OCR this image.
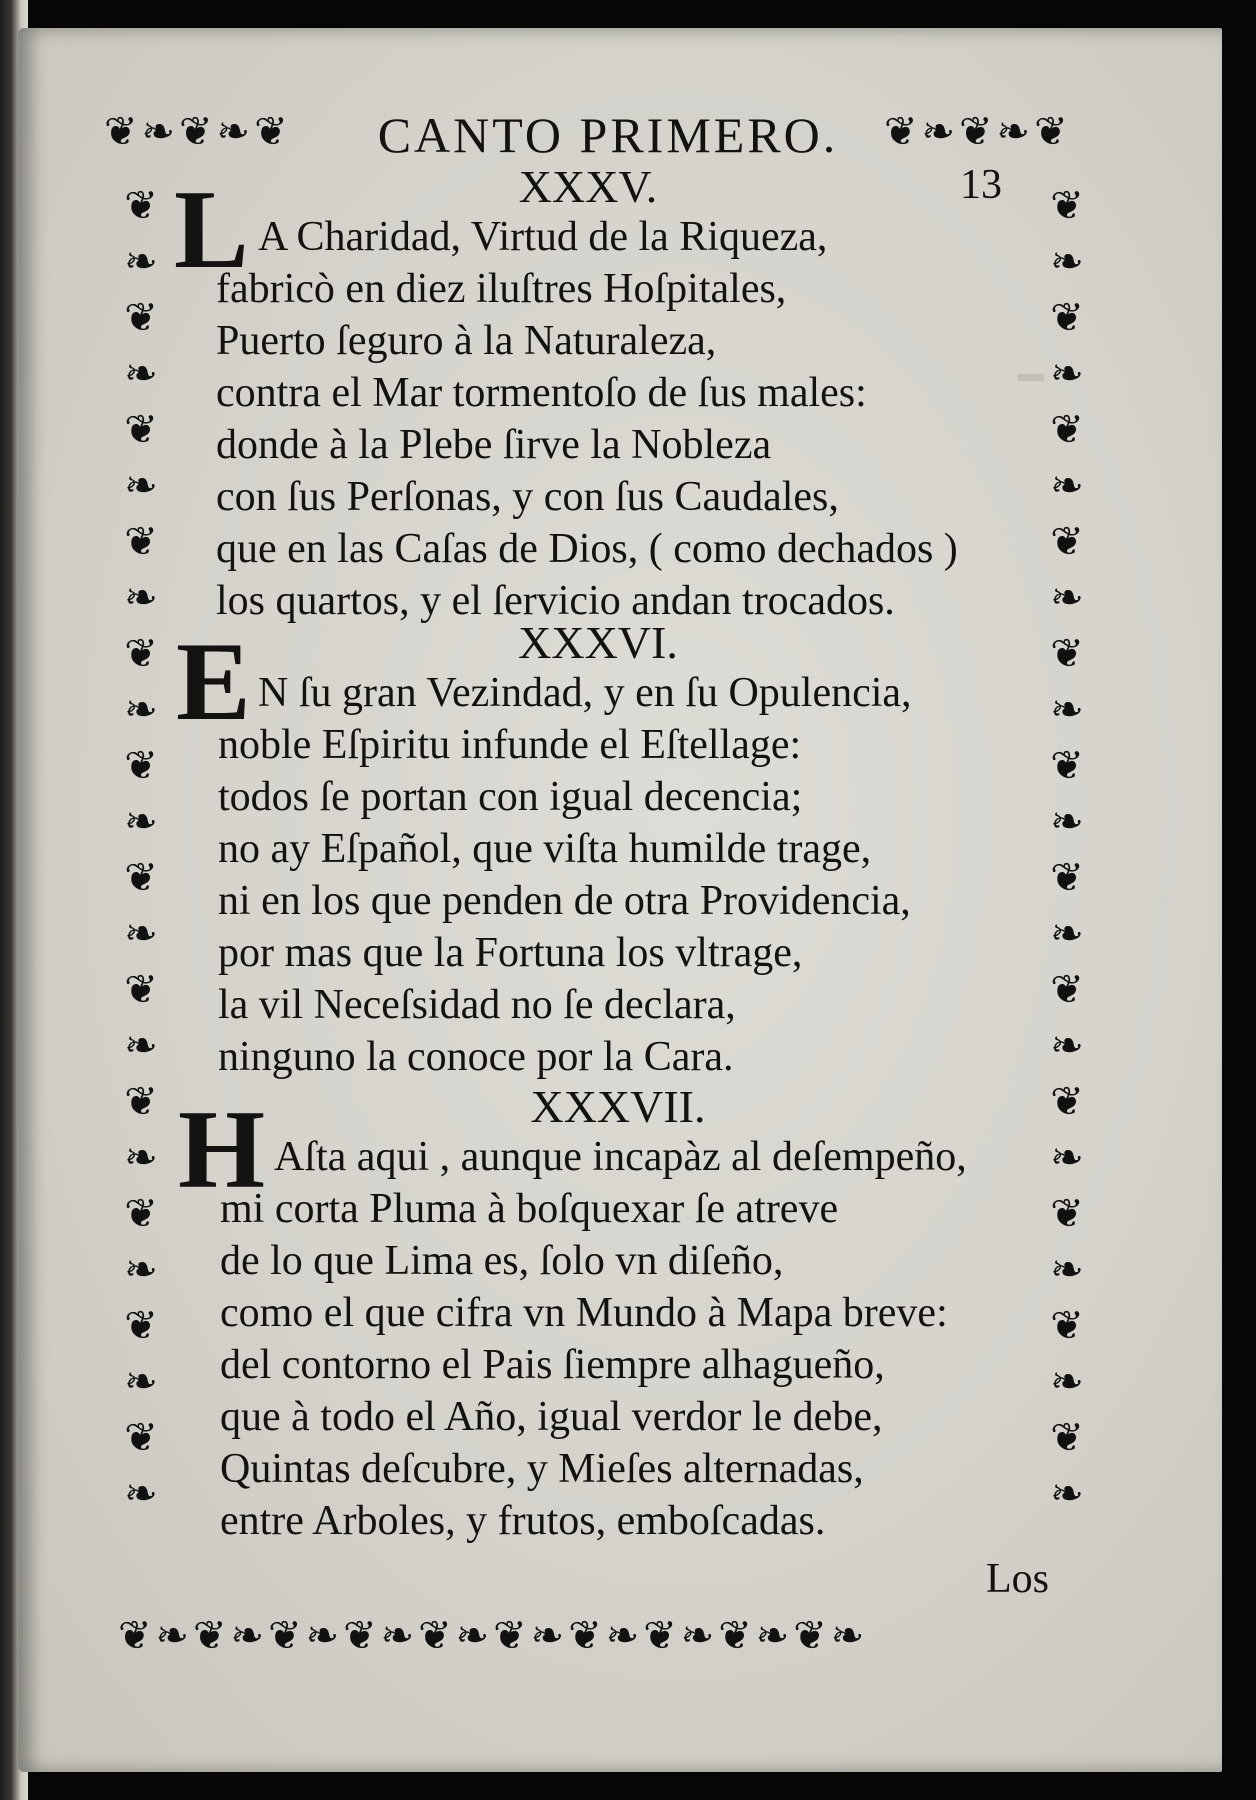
━
❦❧❦❧❦	❦❧❦❧❦
❦
❧
❦
❧
❦
❧
❦
❧
❦
❧
❦
❧
❦
❧
❦
❧
❦
❧
❦
❧
❦
❧
❦
❧
❦
❧
❦
❧
❦
❧
❦
❧
❦
❧
❦
❧
❦
❧
❦
❧
❦
❧
❦
❧
❦
❧
❦
❧
❦❧❦❧❦❧❦❧❦❧❦❧❦❧❦❧❦❧❦❧
CANTO PRIMERO.
13
XXXV.
L A Charidad, Virtud de la Riqueza,
fabricò en diez iluſtres Hoſpitales,
Puerto ſeguro à la Naturaleza,
contra el Mar tormentoſo de ſus males:
donde à la Plebe ſirve la Nobleza
con ſus Perſonas, y con ſus Caudales,
que en las Caſas de Dios, ( como dechados )
los quartos, y el ſervicio andan trocados.
XXXVI.
E N ſu gran Vezindad, y en ſu Opulencia,
noble Eſpiritu infunde el Eſtellage:
todos ſe portan con igual decencia;
no ay Eſpañol, que viſta humilde trage,
ni en los que penden de otra Providencia,
por mas que la Fortuna los vltrage,
la vil Neceſsidad no ſe declara,
ninguno la conoce por la Cara.
XXXVII.
H Aſta aqui , aunque incapàz al deſempeño,
mi corta Pluma à boſquexar ſe atreve
de lo que Lima es, ſolo vn diſeño,
como el que cifra vn Mundo à Mapa breve:
del contorno el Pais ſiempre alhagueño,
que à todo el Año, igual verdor le debe,
Quintas deſcubre, y Mieſes alternadas,
entre Arboles, y frutos, emboſcadas.
Los
